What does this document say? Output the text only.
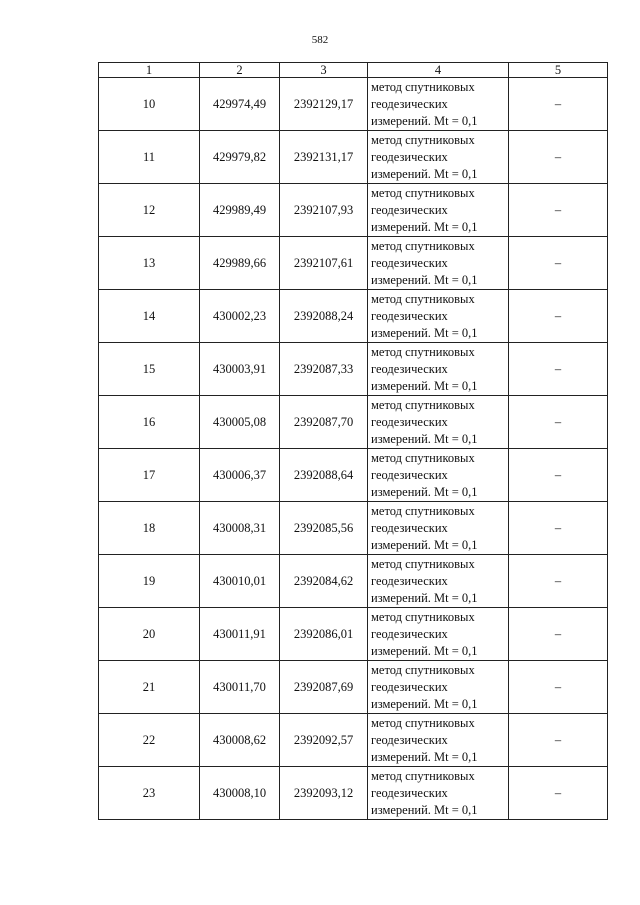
582
1	2	3	4	5
10	429974,49	2392129,17	метод спутниковых
геодезических
измерений. Mt = 0,1	–
11	429979,82	2392131,17	метод спутниковых
геодезических
измерений. Mt = 0,1	–
12	429989,49	2392107,93	метод спутниковых
геодезических
измерений. Mt = 0,1	–
13	429989,66	2392107,61	метод спутниковых
геодезических
измерений. Mt = 0,1	–
14	430002,23	2392088,24	метод спутниковых
геодезических
измерений. Mt = 0,1	–
15	430003,91	2392087,33	метод спутниковых
геодезических
измерений. Mt = 0,1	–
16	430005,08	2392087,70	метод спутниковых
геодезических
измерений. Mt = 0,1	–
17	430006,37	2392088,64	метод спутниковых
геодезических
измерений. Mt = 0,1	–
18	430008,31	2392085,56	метод спутниковых
геодезических
измерений. Mt = 0,1	–
19	430010,01	2392084,62	метод спутниковых
геодезических
измерений. Mt = 0,1	–
20	430011,91	2392086,01	метод спутниковых
геодезических
измерений. Mt = 0,1	–
21	430011,70	2392087,69	метод спутниковых
геодезических
измерений. Mt = 0,1	–
22	430008,62	2392092,57	метод спутниковых
геодезических
измерений. Mt = 0,1	–
23	430008,10	2392093,12	метод спутниковых
геодезических
измерений. Mt = 0,1	–
